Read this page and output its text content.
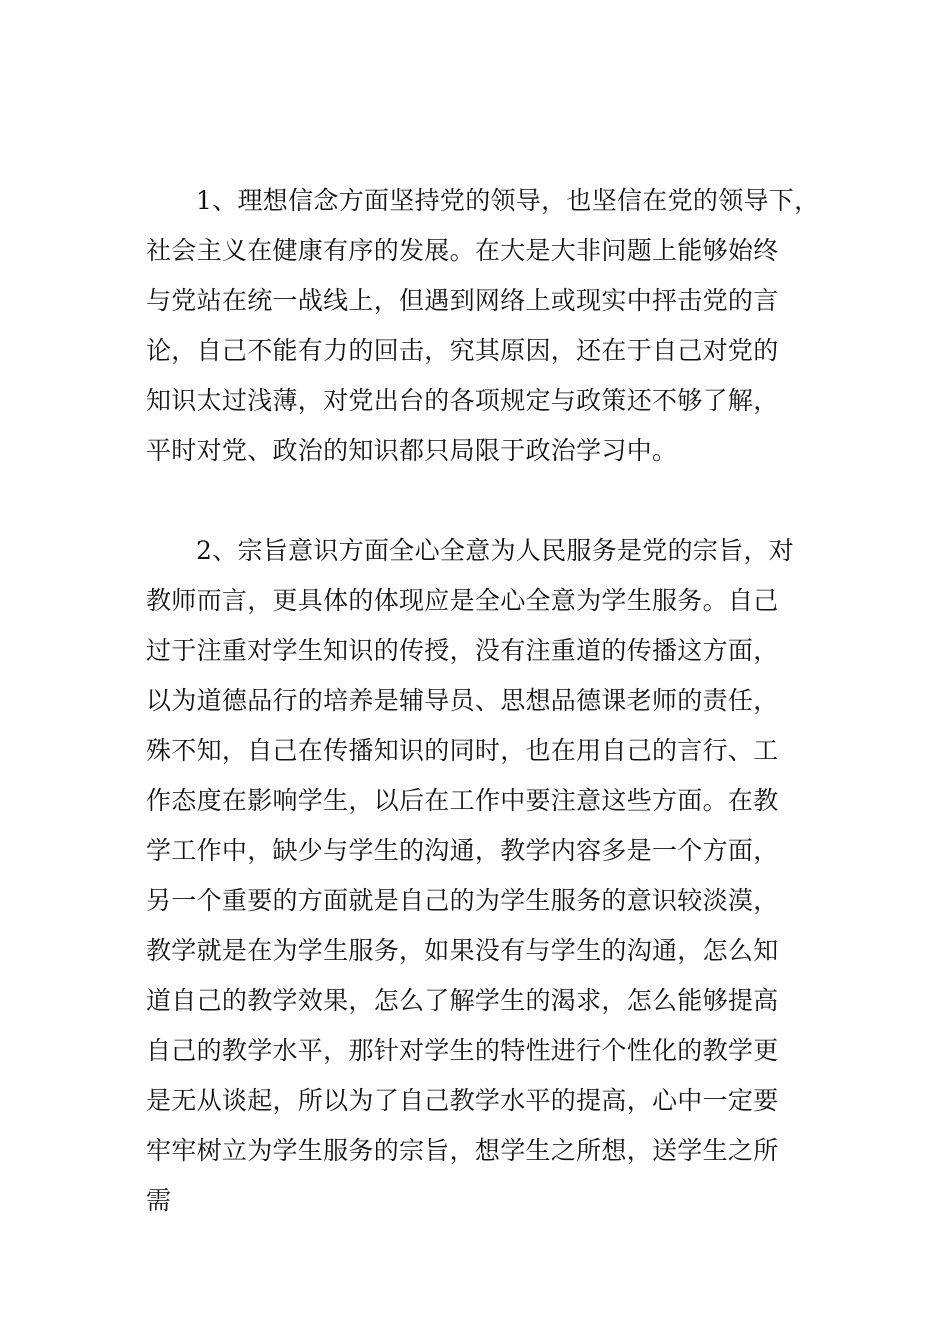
1、理想信念方面坚持党的领导，也坚信在党的领导下，
社会主义在健康有序的发展。在大是大非问题上能够始终
与党站在统一战线上，但遇到网络上或现实中抨击党的言
论，自己不能有力的回击，究其原因，还在于自己对党的
知识太过浅薄，对党出台的各项规定与政策还不够了解，
平时对党、政治的知识都只局限于政治学习中。

2、宗旨意识方面全心全意为人民服务是党的宗旨，对
教师而言，更具体的体现应是全心全意为学生服务。自己
过于注重对学生知识的传授，没有注重道的传播这方面，
以为道德品行的培养是辅导员、思想品德课老师的责任，
殊不知，自己在传播知识的同时，也在用自己的言行、工
作态度在影响学生，以后在工作中要注意这些方面。在教
学工作中，缺少与学生的沟通，教学内容多是一个方面，
另一个重要的方面就是自己的为学生服务的意识较淡漠，
教学就是在为学生服务，如果没有与学生的沟通，怎么知
道自己的教学效果，怎么了解学生的渴求，怎么能够提高
自己的教学水平，那针对学生的特性进行个性化的教学更
是无从谈起，所以为了自己教学水平的提高，心中一定要
牢牢树立为学生服务的宗旨，想学生之所想，送学生之所
需
